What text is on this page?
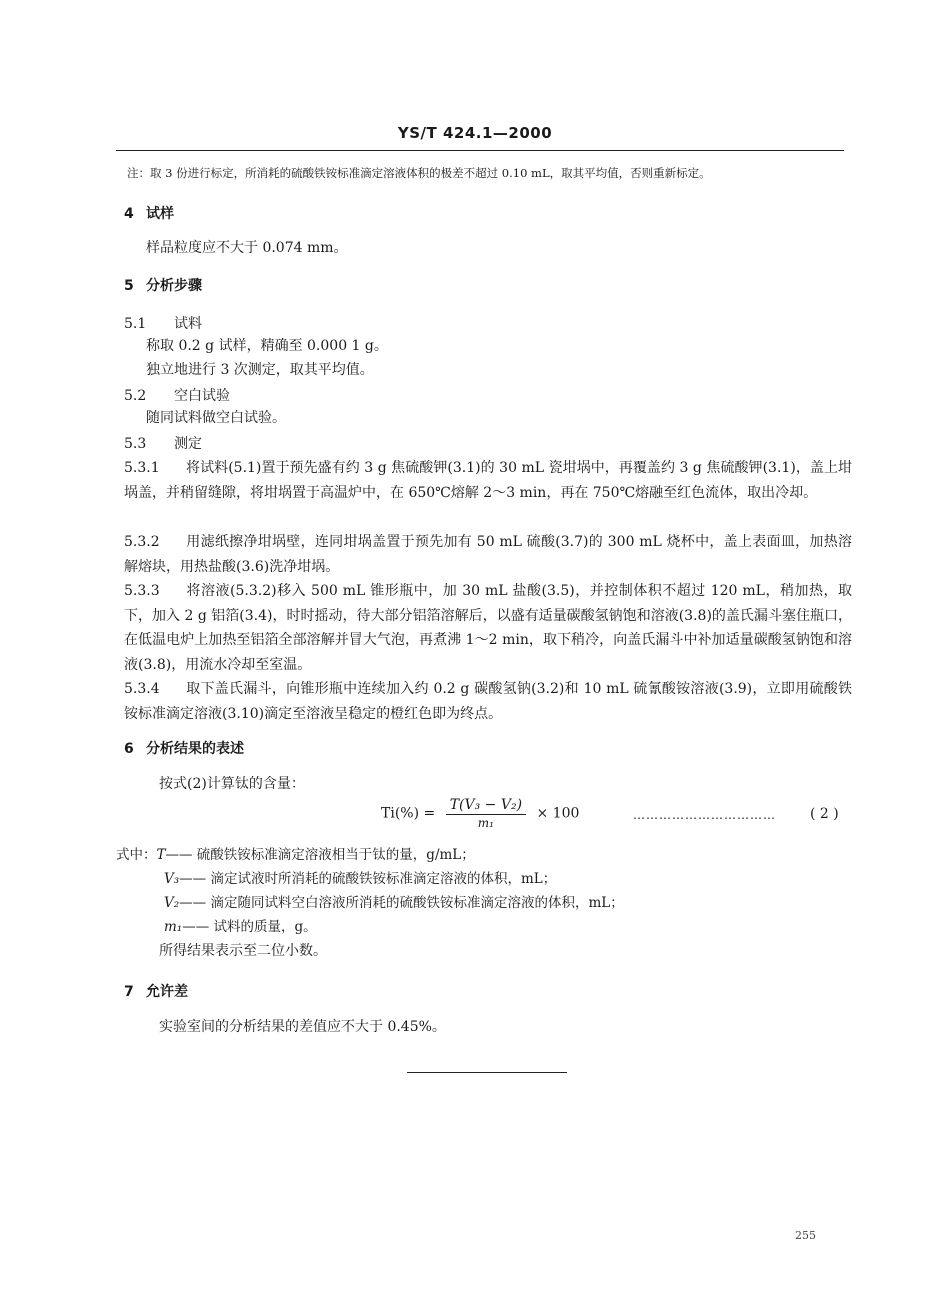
YS/T 424.1—2000
注：取 3 份进行标定，所消耗的硫酸铁铵标准滴定溶液体积的极差不超过 0.10 mL，取其平均值，否则重新标定。
4 试样
样品粒度应不大于 0.074 mm。
5 分析步骤
5.1 试料
称取 0.2 g 试样，精确至 0.000 1 g。
独立地进行 3 次测定，取其平均值。
5.2 空白试验
随同试料做空白试验。
5.3 测定
5.3.1 将试料(5.1)置于预先盛有约 3 g 焦硫酸钾(3.1)的 30 mL 瓷坩埚中，再覆盖约 3 g 焦硫酸钾(3.1)，盖上坩埚盖，并稍留缝隙，将坩埚置于高温炉中，在 650℃熔解 2～3 min，再在 750℃熔融至红色流体，取出冷却。
5.3.2 用滤纸擦净坩埚壁，连同坩埚盖置于预先加有 50 mL 硫酸(3.7)的 300 mL 烧杯中，盖上表面皿，加热溶解熔块，用热盐酸(3.6)洗净坩埚。
5.3.3 将溶液(5.3.2)移入 500 mL 锥形瓶中，加 30 mL 盐酸(3.5)，并控制体积不超过 120 mL，稍加热，取下，加入 2 g 铝箔(3.4)，时时摇动，待大部分铝箔溶解后，以盛有适量碳酸氢钠饱和溶液(3.8)的盖氏漏斗塞住瓶口，在低温电炉上加热至铝箔全部溶解并冒大气泡，再煮沸 1～2 min，取下稍冷，向盖氏漏斗中补加适量碳酸氢钠饱和溶液(3.8)，用流水冷却至室温。
5.3.4 取下盖氏漏斗，向锥形瓶中连续加入约 0.2 g 碳酸氢钠(3.2)和 10 mL 硫氰酸铵溶液(3.9)，立即用硫酸铁铵标准滴定溶液(3.10)滴定至溶液呈稳定的橙红色即为终点。
6 分析结果的表述
按式(2)计算钛的含量：
$Ti(\%) = \frac{\text{T(V₃ − V₂)}}{\text{m₁}} \times 100$	…………………………… ( 2 )
式中：T—— 硫酸铁铵标准滴定溶液相当于钛的量，g/mL；
V₃—— 滴定试液时所消耗的硫酸铁铵标准滴定溶液的体积，mL；
V₂—— 滴定随同试料空白溶液所消耗的硫酸铁铵标准滴定溶液的体积，mL；
m₁—— 试料的质量，g。
所得结果表示至二位小数。
7 允许差
实验室间的分析结果的差值应不大于 0.45%。
255
